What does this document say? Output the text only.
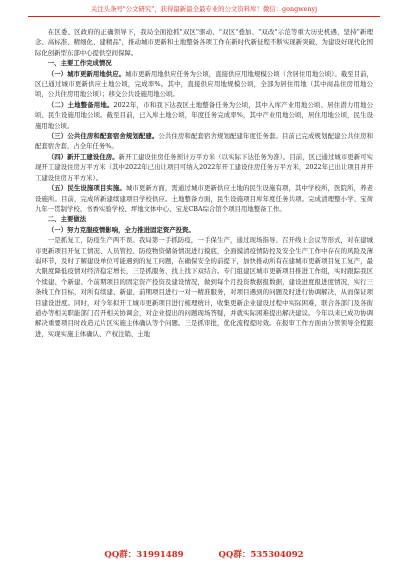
关注头条号"公文研究"，获得最新最全最专业的公文资料库！微信：gongwenyj

在区委、区政府的正确领导下，我局全面抢抓"双区"驱动、"双区"叠加、"双改"示范等重大历史机遇，坚持"新理念、高标准、精细化、建精品"，推动城市更新和土地整备各项工作在新时代新征程不断实现新突破，为建设好现代化国际化创新型东部中心提供空间保障。

一、主要工作完成情况

（一）城市更新用地供应。城市更新用地供应任务为公顷，直接供应用地规模公顷（含居住用地公顷）。截至目前，区已通过城市更新供应土地公顷，完成率%。其中，直接供应用地规模公顷，全部为居住用地（其中商品住房用地公顷，公共住房用地公顷）；移交公共设施用地公顷。

（二）土地整备用地。2022年，市和我下达我区土地整备任务为公顷，其中入库产业用地公顷、居住潜力用地公顷、民生设施用地公顷。截至目前，已入库土地公顷，年度任务完成率%，其中产业用地公顷，居住用地公顷，民生设施用地公顷。

（三）公共住房和配套宿舍规划配建。公共住房和配套宿舍规划配建年度任务套。目前已完成规划配建公共住房和配套宿舍套，占全年任务%。

（四）新开工建设住房。新开工建设住房任务预计万平方米（以实际下达任务为准）。目前，区已通过城市更新可实现开工建设住房万平方米（其中2022年已出让项目可纳入2022年开工建设住房任务万平方米，2022年已出让项目并开工建设住房万平方米）。

（五）民生设施项目实施。城市更新方面，需通过城市更新供应土地的民生设施有项，其中学校所，医院所，养老设施所。目前，完成所新建续建项目学校供应。土地整备方面，民生设施项目库年度任务共项。完成清理整小学、宝荷九年一贯制学校、书香实验学校、坪地文体中心、宝龙CBA综合馆个项目用地整备工作。

二、主要做法

（一）努力克服疫情影响，全力推进固定资产投资。

一是抓复工，防疫生产两不误。我局第一手抓防疫，一手保生产，通过现场指导、召开线上会议等形式，对在建城市更新项目开复工情况、人员管控、防疫物资储备情况进行摸底，全面摸清疫情防控及安全生产工作中存在的风险及薄弱环节，及时了解建设单位可能遇到的复工问题，在确保安全的前提下，加快推动所有在建城市更新项目复工复产，最大限度降低疫情对经济稳定增长，三是抓服务，找上找下双结合。专门组建区城市更新项目推进工作组，实时跟踪我区个续建、个新建、个前期项目的固定资产投资及建设情况，做到每个月投资数据报数据，建设进度报进度情况，实行三条线工作目标，对所有续建、新建、前期项目进行一对一精准服务，对项目遇到的问题及时进行协调解决，从而保证项目建设进度。同时，对今年拟开工城市更新项目进行梳理统计，收集更新企业建设过程中实际困难，联合各部门及各街道办等相关职能部门召开相关协调会，对企业提出的问题现场答疑，并就实际困难提出解决建议。今年以来已成功协调解决重要项目时改造元片区实施主体确认等个问题。三是抓审批，优化流程提时效。在报审工作方面由分管领导全程跟进，实现实施主体确认、产权注销、土地

QQ群：31991489	QQ群：535304092
